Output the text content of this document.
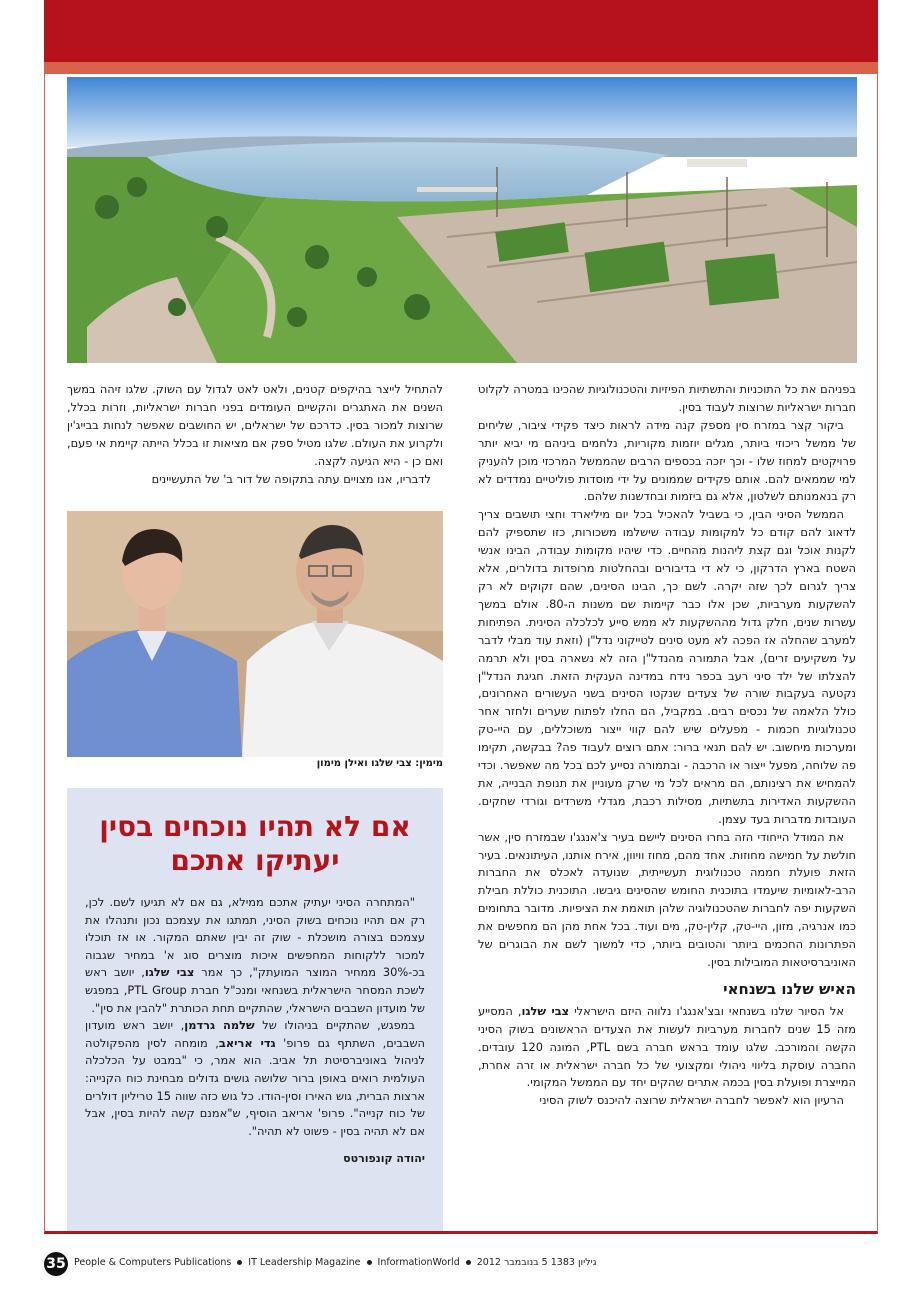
בפניהם את כל התוכניות והתשתיות הפיזיות והטכנולוגיות שהכינו במטרה לקלוט חברות ישראליות שרוצות לעבוד בסין.

ביקור קצר במזרח סין מספק קנה מידה לראות כיצד פקידי ציבור, שליחים של ממשל ריכוזי ביותר, מגלים יוזמות מקוריות, נלחמים ביניהם מי יביא יותר פרויקטים למחוז שלו - וכך יזכה בכספים הרבים שהממשל המרכזי מוכן להעניק למי שממאים להם. אותם פקידים שממונים על ידי מוסדות פוליטיים נמדדים לא רק בנאמנותם לשלטון, אלא גם ביזמות ובחדשנות שלהם.

הממשל הסיני הבין, כי בשביל להאכיל בכל יום מיליארד וחצי תושבים צריך לדאוג להם קודם כל למקומות עבודה שישלמו משכורות, כזו שתספיק להם לקנות אוכל וגם קצת ליהנות מהחיים. כדי שיהיו מקומות עבודה, הבינו אנשי השטח בארץ הדרקון, כי לא די בדיבורים ובהחלטות מרופדות בדולרים, אלא צריך לגרום לכך שזה יקרה. לשם כך, הבינו הסינים, שהם זקוקים לא רק להשקעות מערביות, שכן אלו כבר קיימות שם משנות ה-80. אולם במשך עשרות שנים, חלק גדול מההשקעות לא ממש סייע לכלכלה הסינית. הפתיחות למערב שהחלה אז הפכה לא מעט סינים לטייקוני נדל"ן (וזאת עוד מבלי לדבר על משקיעים זרים), אבל התמורה מהנדל"ן הזה לא נשארה בסין ולא תרמה להצלתו של ילד סיני רעב בכפר נידח במדינה הענקית הזאת. חגיגת הנדל"ן נקטעה בעקבות שורה של צעדים שנקטו הסינים בשני העשורים האחרונים, כולל הלאמה של נכסים רבים. במקביל, הם החלו לפתוח שערים ולחזר אחר טכנולוגיות חכמות - מפעלים שיש להם קווי ייצור משוכללים, עם היי-טק ומערכות מיחשוב. יש להם תנאי ברור: אתם רוצים לעבוד פה? בבקשה, תקימו פה שלוחה, מפעל ייצור או הרכבה - ובתמורה נסייע לכם בכל מה שאפשר. וכדי להמחיש את רצינותם, הם מראים לכל מי שרק מעוניין את תנופת הבנייה, את ההשקעות האדירות בתשתיות, מסילות רכבת, מגדלי משרדים וגורדי שחקים. העובדות מדברות בעד עצמן.

את המודל הייחודי הזה בחרו הסינים ליישם בעיר צ'אנגג'ו שבמזרח סין, אשר חולשת על חמישה מחוזות. אחד מהם, מחוז וויוון, אירח אותנו, העיתונאים. בעיר הזאת פועלת חממה טכנולוגית תעשייתית, שנועדה לאכלס את החברות הרב-לאומיות שיעמדו בתוכנית החומש שהסינים גיבשו. התוכנית כוללת חבילת השקעות יפה לחברות שהטכנולוגיה שלהן תואמת את הציפיות. מדובר בתחומים כמו אנרגיה, מזון, היי-טק, קלין-טק, מים ועוד. בכל אחת מהן הם מחפשים את הפתרונות החכמים ביותר והטובים ביותר, כדי למשוך לשם את הבוגרים של האוניברסיטאות המובילות בסין.

האיש שלנו בשנחאי

אל הסיור שלנו בשנחאי ובצ'אנגג'ו נלווה היזם הישראלי צבי שלגו, המסייע מזה 15 שנים לחברות מערביות לעשות את הצעדים הראשונים בשוק הסיני הקשה והמורכב. שלגו עומד בראש חברה בשם PTL, המונה 120 עובדים. החברה עוסקת בליווי ניהולי ומקצועי של כל חברה ישראלית או זרה אחרת, המייצרת ופועלת בסין בכמה אתרים שהקים יחד עם הממשל המקומי.

הרעיון הוא לאפשר לחברה ישראלית שרוצה להיכנס לשוק הסיני

להתחיל לייצר בהיקפים קטנים, ולאט לאט לגדול עם השוק. שלגו זיהה במשך השנים את האתגרים והקשיים העומדים בפני חברות ישראליות, וזרות בכלל, שרוצות למכור בסין. כדרכם של ישראלים, יש החושבים שאפשר לנחות בבייג'ין ולקרוע את העולם. שלגו מטיל ספק אם מציאות זו בכלל הייתה קיימת אי פעם, ואם כן - היא הגיעה לקצה.

לדבריו, אנו מצויים עתה בתקופה של דור ב' של התעשיינים

מימין: צבי שלגו ואילן מימון
אם לא תהיו נוכחים בסין
יעתיקו אתכם

"המתחרה הסיני יעתיק אתכם ממילא, גם אם לא תגיעו לשם. לכן, רק אם תהיו נוכחים בשוק הסיני, תמתגו את עצמכם נכון ותנהלו את עצמכם בצורה מושכלת - שוק זה יבין שאתם המקור. או אז תוכלו למכור ללקוחות המחפשים איכות מוצרים סוג א' במחיר שגבוה בכ-30% ממחיר המוצר המועתק", כך אמר צבי שלגו, יושב ראש לשכת המסחר הישראלית בשנחאי ומנכ"ל חברת PTL Group, במפגש של מועדון השבבים הישראלי, שהתקיים תחת הכותרת "להבין את סין".

במפגש, שהתקיים בניהולו של שלמה גרדמן, יושב ראש מועדון השבבים, השתתף גם פרופ' גדי אריאב, מומחה לסין מהפקולטה לניהול באוניברסיטת תל אביב. הוא אמר, כי "במבט על הכלכלה העולמית רואים באופן ברור שלושה גושים גדולים מבחינת כוח הקנייה: ארצות הברית, גוש האירו וסין-הודו. כל גוש כזה שווה 15 טריליון דולרים של כוח קנייה". פרופ' אריאב הוסיף, ש"אמנם קשה להיות בסין, אבל אם לא תהיה בסין - פשוט לא תהיה".

יהודה קונפורטס
35 People & Computers Publications IT Leadership Magazine InformationWorld גיליון 1383 5 בנובמבר 2012
